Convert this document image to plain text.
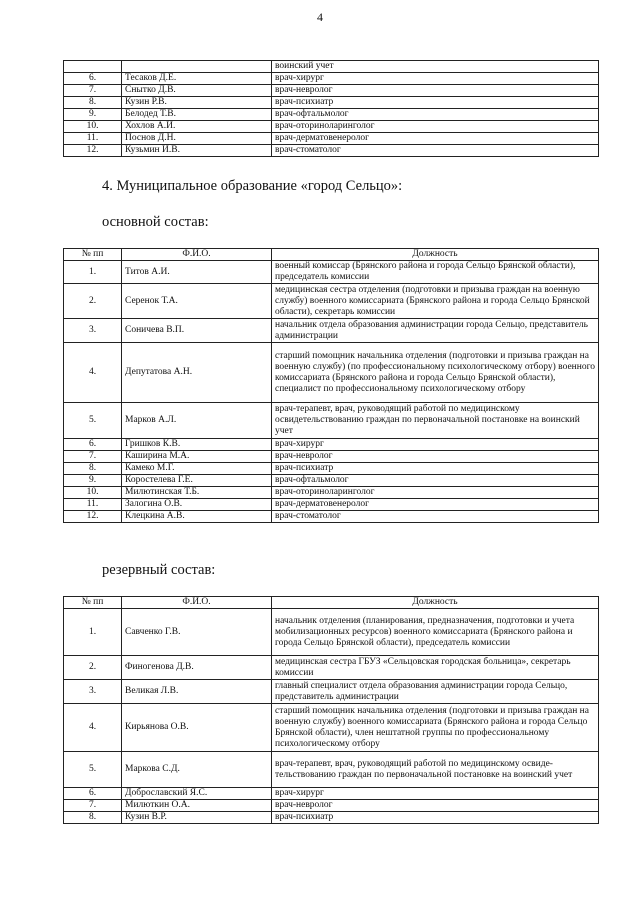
4
		воинский учет
6.	Тесаков Д.Е.	врач-хирург
7.	Снытко Д.В.	врач-невролог
8.	Кузин Р.В.	врач-психиатр
9.	Белодед Т.В.	врач-офтальмолог
10.	Хохлов А.И.	врач-оториноларинголог
11.	Поснов Д.Н.	врач-дерматовенеролог
12.	Кузьмин И.В.	врач-стоматолог
4. Муниципальное образование «город Сельцо»:
основной состав:
№ пп	Ф.И.О.	Должность
1.	Титов А.И.	военный комиссар (Брянского района и города Сельцо Брянской области), председатель комиссии
2.	Серенок Т.А.	медицинская сестра отделения (подготовки и призыва граждан на военную службу) военного комиссариата (Брянского района и города Сельцо Брянской области), секретарь комиссии
3.	Соничева В.П.	начальник отдела образования администрации города Сельцо, представитель администрации
4.	Депутатова А.Н.	старший помощник начальника отделения (подготовки и призыва граждан на военную службу) (по профессиональному психологическому отбору) военного комиссариата (Брянского района и города Сельцо Брянской области), специалист по профессиональному психологическому отбору
5.	Марков А.Л.	врач-терапевт, врач, руководящий работой по медицинскому освидетельствованию граждан по первоначальной постановке на воинский учет
6.	Гришков К.В.	врач-хирург
7.	Каширина М.А.	врач-невролог
8.	Камеко М.Г.	врач-психиатр
9.	Коростелева Г.Е.	врач-офтальмолог
10.	Милютинская Т.Б.	врач-оториноларинголог
11.	Залогина О.В.	врач-дерматовенеролог
12.	Клецкина А.В.	врач-стоматолог
резервный состав:
№ пп	Ф.И.О.	Должность
1.	Савченко Г.В.	начальник отделения (планирования, предназначения, подготовки и учета мобилизационных ресурсов) военного комиссариата (Брянского района и города Сельцо Брянской области), председатель комиссии
2.	Финогенова Д.В.	медицинская сестра ГБУЗ «Сельцовская городская больница», секретарь комиссии
3.	Великая Л.В.	главный специалист отдела образования администрации города Сельцо, представитель администрации
4.	Кирьянова О.В.	старший помощник начальника отделения (подготовки и призыва граждан на военную службу) военного комиссариата (Брянского района и города Сельцо Брянской области), член нештатной группы по профессиональному психологическому отбору
5.	Маркова С.Д.	врач-терапевт, врач, руководящий работой по медицинскому освиде-тельствованию граждан по первоначальной постановке на воинский учет
6.	Доброславский Я.С.	врач-хирург
7.	Милюткин О.А.	врач-невролог
8.	Кузин В.Р.	врач-психиатр
